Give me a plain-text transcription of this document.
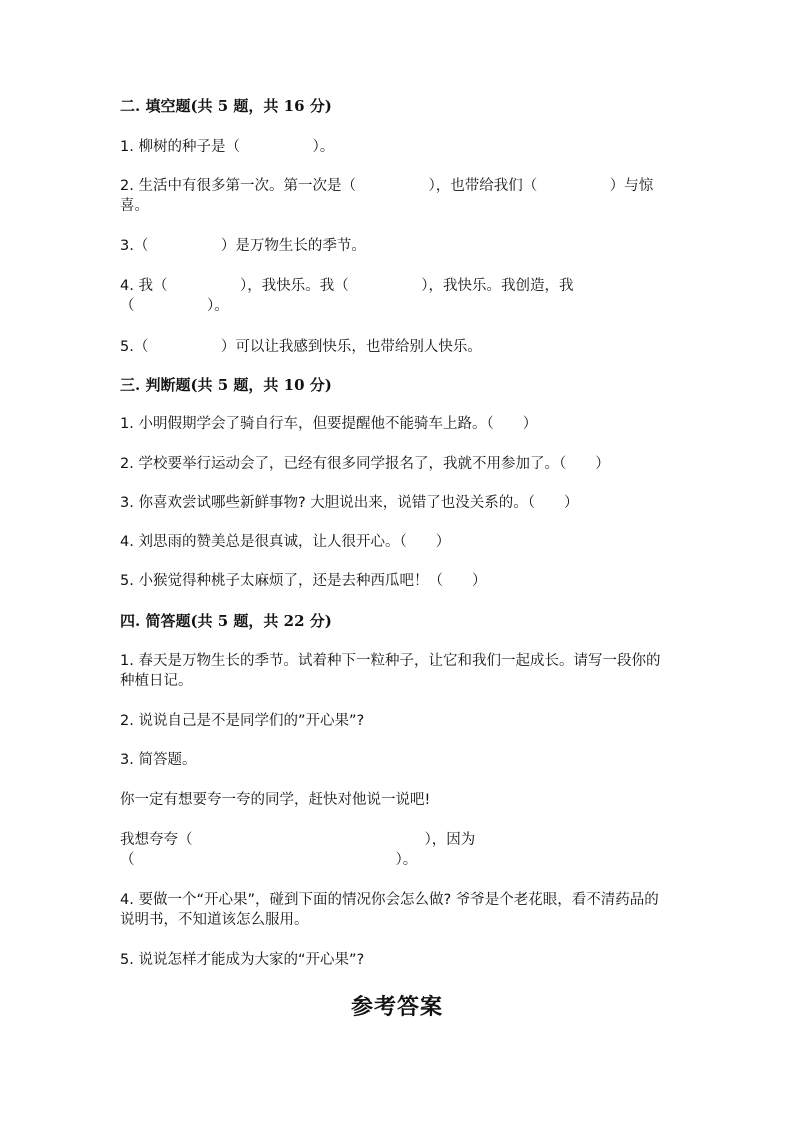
二. 填空题(共 5 题，共 16 分)
1. 柳树的种子是（　　　　　）。
2. 生活中有很多第一次。第一次是（　　　　　），也带给我们（　　　　　）与惊喜。
3.（　　　　　）是万物生长的季节。
4. 我（　　　　　），我快乐。我（　　　　　），我快乐。我创造，我（　　　　　）。
5.（　　　　　）可以让我感到快乐，也带给别人快乐。
三. 判断题(共 5 题，共 10 分)
1. 小明假期学会了骑自行车，但要提醒他不能骑车上路。（　　）
2. 学校要举行运动会了，已经有很多同学报名了，我就不用参加了。（　　）
3. 你喜欢尝试哪些新鲜事物? 大胆说出来，说错了也没关系的。（　　）
4. 刘思雨的赞美总是很真诚，让人很开心。（　　）
5. 小猴觉得种桃子太麻烦了，还是去种西瓜吧！（　　）
四. 简答题(共 5 题，共 22 分)
1. 春天是万物生长的季节。试着种下一粒种子，让它和我们一起成长。请写一段你的种植日记。
2. 说说自己是不是同学们的”开心果”?
3. 简答题。
你一定有想要夸一夸的同学，赶快对他说一说吧!
我想夸夸（　　　　　　　　　　　　　　　　），因为（　　　　　　　　　　　　　　　　　　）。
4. 要做一个“开心果”，碰到下面的情况你会怎么做? 爷爷是个老花眼，看不清药品的说明书，不知道该怎么服用。
5. 说说怎样才能成为大家的“开心果”?
参考答案
